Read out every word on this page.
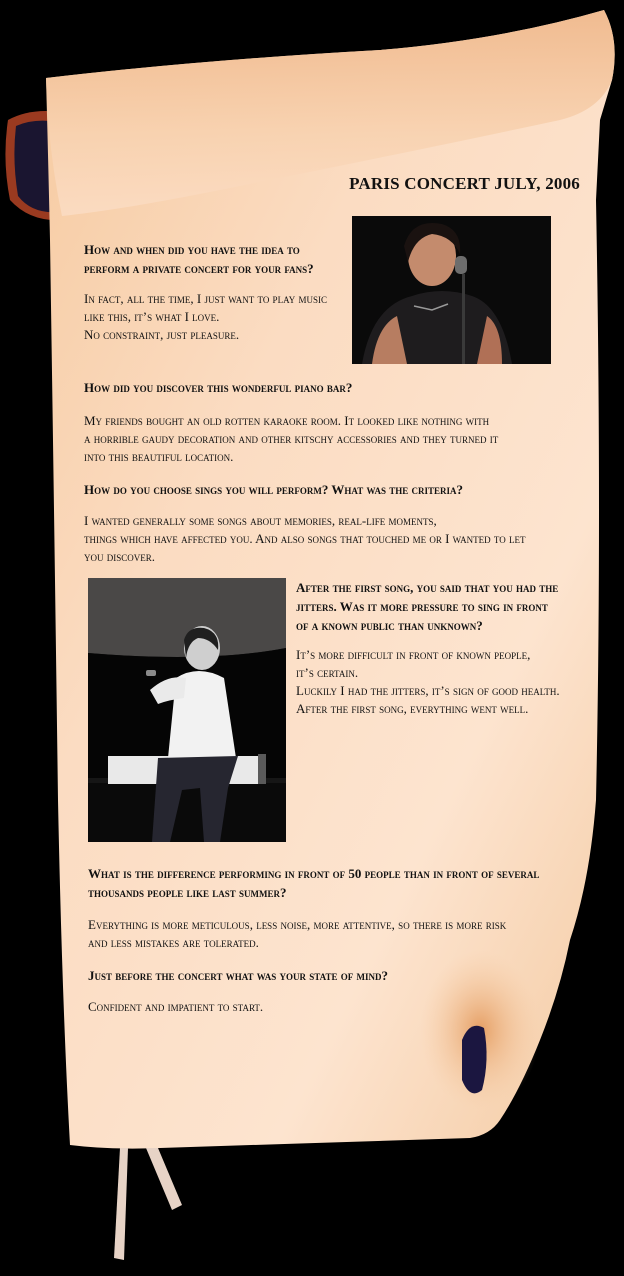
PARIS CONCERT JULY, 2006
How and when did you have the idea to
perform a private concert for your fans?
In fact, all the time, I just want to play music
like this, it’s what I love.
No constraint, just pleasure.
How did you discover this wonderful piano bar?
My friends bought an old rotten karaoke room. It looked like nothing with
a horrible gaudy decoration and other kitschy accessories and they turned it
into this beautiful location.
How do you choose sings you will perform? What was the criteria?
I wanted generally some songs about memories, real-life moments,
things which have affected you. And also songs that touched me or I wanted to let
you discover.
After the first song, you said that you had the
jitters. Was it more pressure to sing in front
of a known public than unknown?
It’s more difficult in front of known people,
it’s certain.
Luckily I had the jitters, it’s sign of good health.
After the first song, everything went well.
What is the difference performing in front of 50 people than in front of several
thousands people like last summer?
Everything is more meticulous, less noise, more attentive, so there is more risk
and less mistakes are tolerated.
Just before the concert what was your state of mind?
Confident and impatient to start.
